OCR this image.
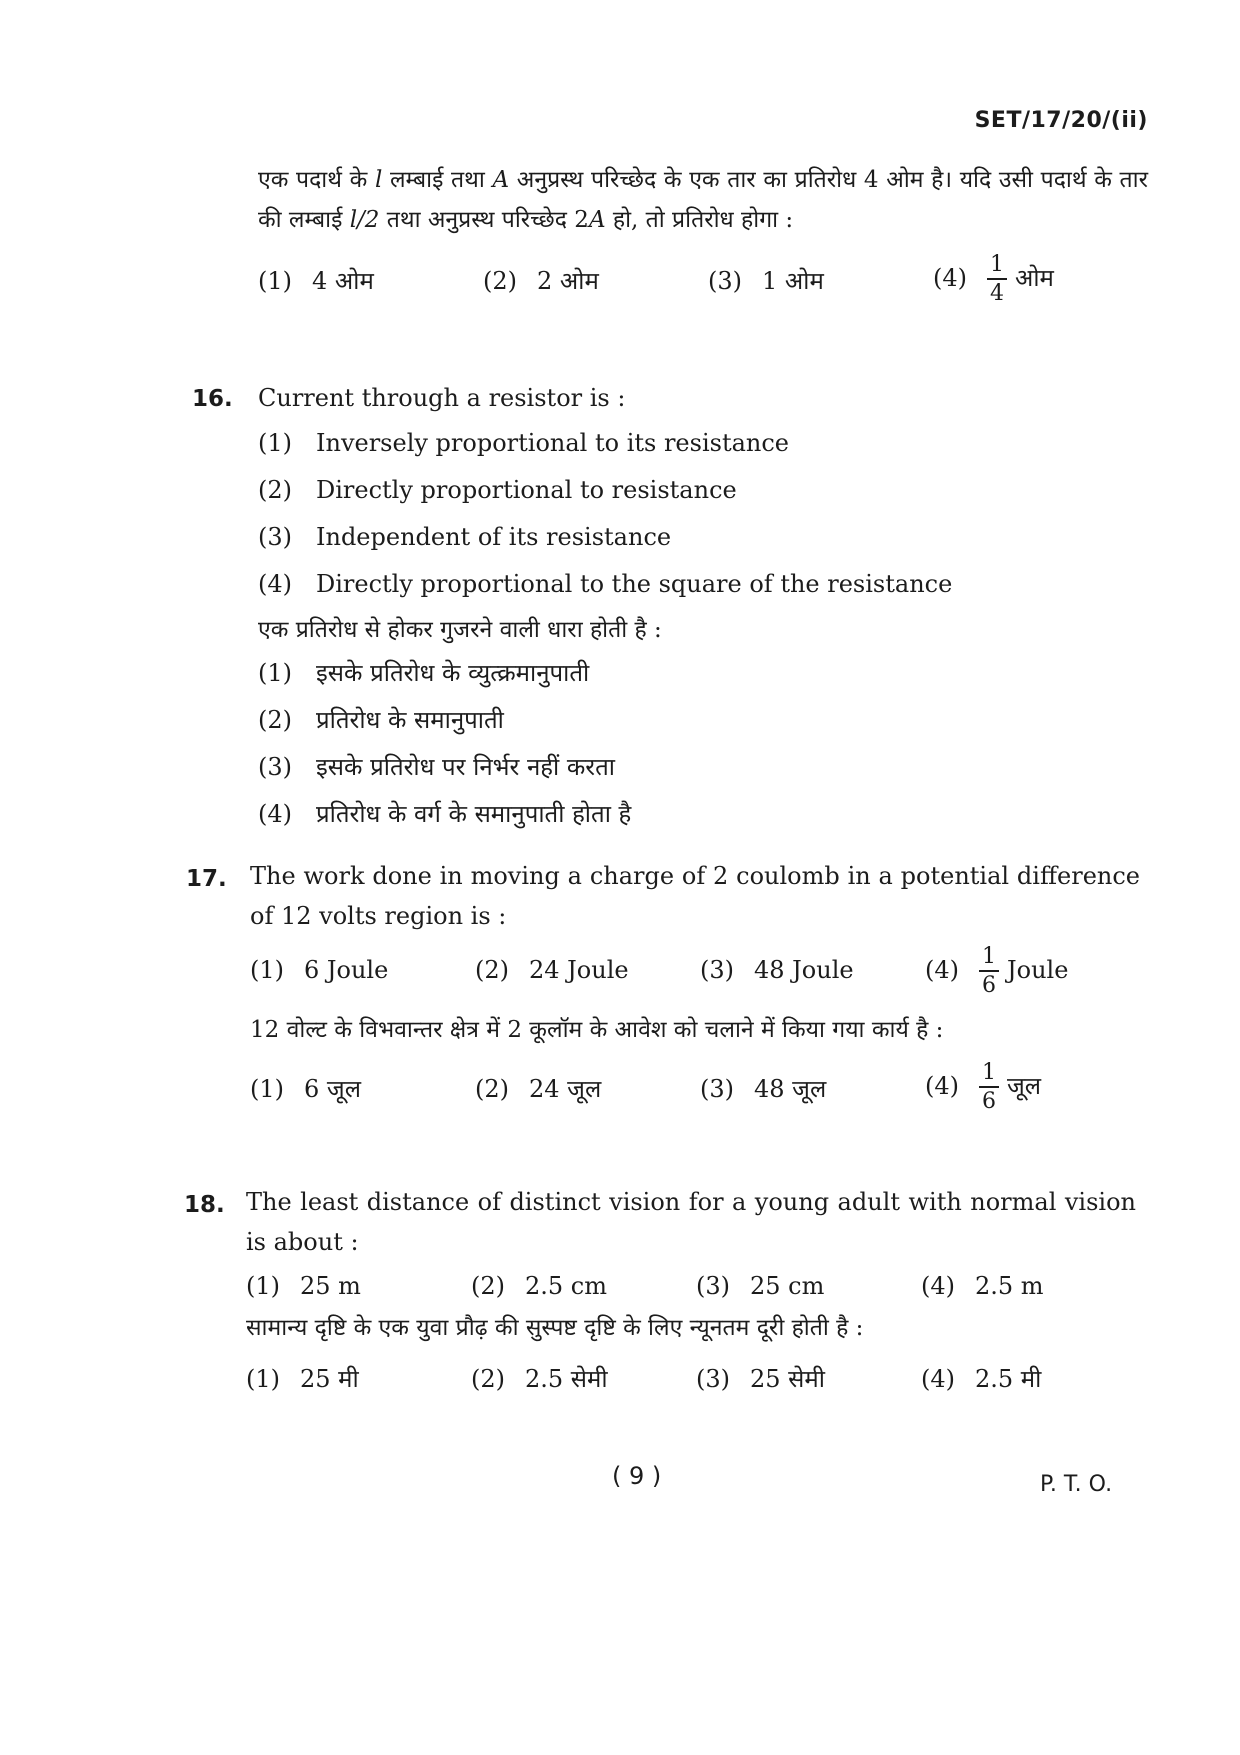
SET/17/20/(ii)

एक पदार्थ के l लम्बाई तथा A अनुप्रस्थ परिच्छेद के एक तार का प्रतिरोध 4 ओम है। यदि उसी पदार्थ के तार की लम्बाई l/2 तथा अनुप्रस्थ परिच्छेद 2A हो, तो प्रतिरोध होगा :

(1) 4 ओम	(2) 2 ओम	(3) 1 ओम	$(4) \frac{1}{4}$ ओम
16. Current through a resistor is :

(1) Inversely proportional to its resistance
(2) Directly proportional to resistance
(3) Independent of its resistance
(4) Directly proportional to the square of the resistance

एक प्रतिरोध से होकर गुजरने वाली धारा होती है :

(1) इसके प्रतिरोध के व्युत्क्रमानुपाती
(2) प्रतिरोध के समानुपाती
(3) इसके प्रतिरोध पर निर्भर नहीं करता
(4) प्रतिरोध के वर्ग के समानुपाती होता है
17. The work done in moving a charge of 2 coulomb in a potential difference of 12 volts region is :

(1) 6 Joule	(2) 24 Joule	(3) 48 Joule	$(4) \frac{1}{6}$ Joule

12 वोल्ट के विभवान्तर क्षेत्र में 2 कूलॉम के आवेश को चलाने में किया गया कार्य है :

(1) 6 जूल	(2) 24 जूल	(3) 48 जूल	$(4) \frac{1}{6}$ जूल
18. The least distance of distinct vision for a young adult with normal vision is about :

(1) 25 m	(2) 2.5 cm	(3) 25 cm	(4) 2.5 m

सामान्य दृष्टि के एक युवा प्रौढ़ की सुस्पष्ट दृष्टि के लिए न्यूनतम दूरी होती है :

(1) 25 मी	(2) 2.5 सेमी	(3) 25 सेमी	(4) 2.5 मी
( 9 )	P. T. O.
